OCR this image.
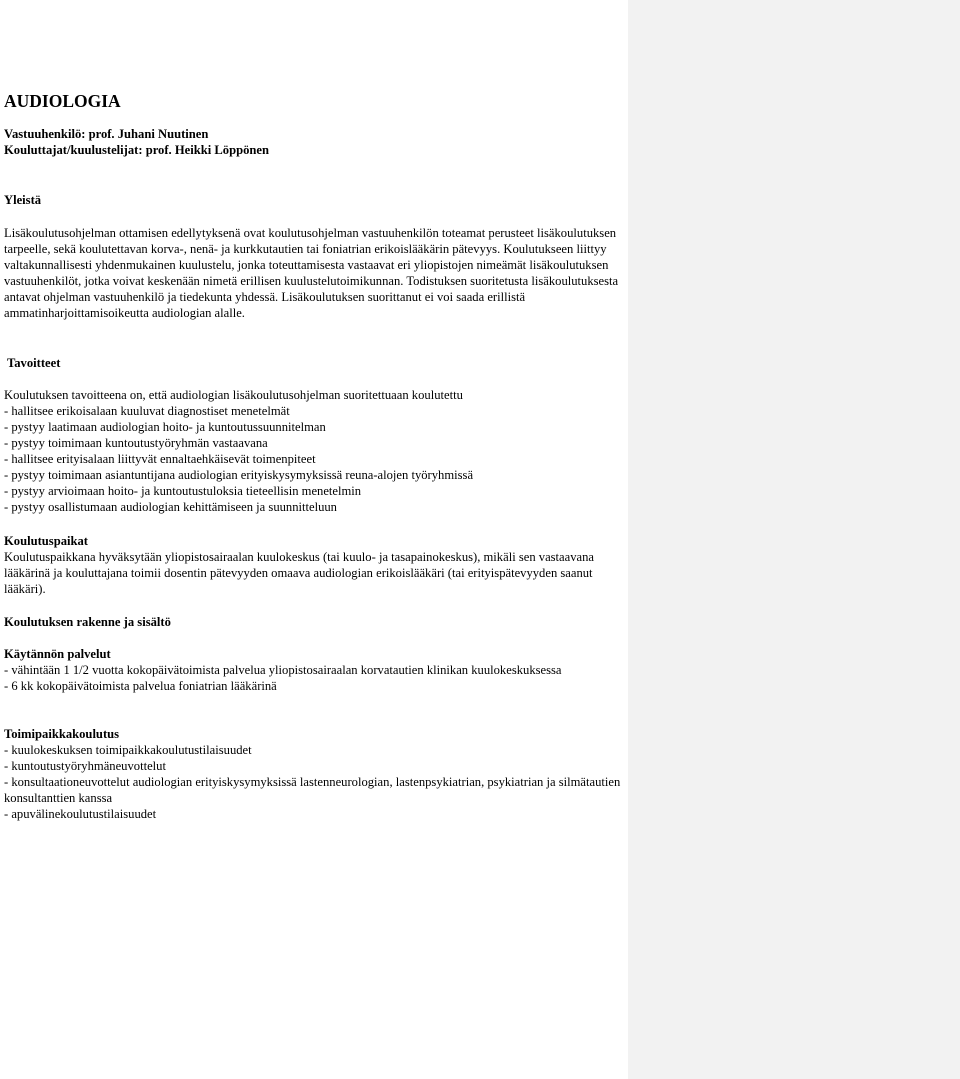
AUDIOLOGIA
Vastuuhenkilö: prof. Juhani Nuutinen
Kouluttajat/kuulustelijat: prof. Heikki Löppönen
Yleistä
Lisäkoulutusohjelman ottamisen edellytyksenä ovat koulutusohjelman vastuuhenkilön toteamat perusteet lisäkoulutuksen tarpeelle, sekä koulutettavan korva-, nenä- ja kurkkutautien tai foniatrian erikoislääkärin pätevyys. Koulutukseen liittyy valtakunnallisesti yhdenmukainen kuulustelu, jonka toteuttamisesta vastaavat eri yliopistojen nimeämät lisäkoulutuksen vastuuhenkilöt, jotka voivat keskenään nimetä erillisen kuulustelutoimikunnan. Todistuksen suoritetusta lisäkoulutuksesta antavat ohjelman vastuuhenkilö ja tiedekunta yhdessä. Lisäkoulutuksen suorittanut ei voi saada erillistä ammatinharjoittamisoikeutta audiologian alalle.
Tavoitteet
Koulutuksen tavoitteena on, että audiologian lisäkoulutusohjelman suoritettuaan koulutettu
- hallitsee erikoisalaan kuuluvat diagnostiset menetelmät
- pystyy laatimaan audiologian hoito- ja kuntoutussuunnitelman
- pystyy toimimaan kuntoutustyöryhmän vastaavana
- hallitsee erityisalaan liittyvät ennaltaehkäisevät toimenpiteet
- pystyy toimimaan asiantuntijana audiologian erityiskysymyksissä reuna-alojen työryhmissä
- pystyy arvioimaan hoito- ja kuntoutustuloksia tieteellisin menetelmin
- pystyy osallistumaan audiologian kehittämiseen ja suunnitteluun
Koulutuspaikat
Koulutuspaikkana hyväksytään yliopistosairaalan kuulokeskus (tai kuulo- ja tasapainokeskus), mikäli sen vastaavana lääkärinä ja kouluttajana toimii dosentin pätevyyden omaava audiologian erikoislääkäri (tai erityispätevyyden saanut lääkäri).
Koulutuksen rakenne ja sisältö
Käytännön palvelut
- vähintään 1 1/2 vuotta kokopäivätoimista palvelua yliopistosairaalan korvatautien klinikan kuulokeskuksessa
- 6 kk kokopäivätoimista palvelua foniatrian lääkärinä
Toimipaikkakoulutus
- kuulokeskuksen toimipaikkakoulutustilaisuudet
- kuntoutustyöryhmäneuvottelut
- konsultaationeuvottelut audiologian erityiskysymyksissä lastenneurologian, lastenpsykiatrian, psykiatrian ja silmätautien konsultanttien kanssa
- apuvälinekoulutustilaisuudet
